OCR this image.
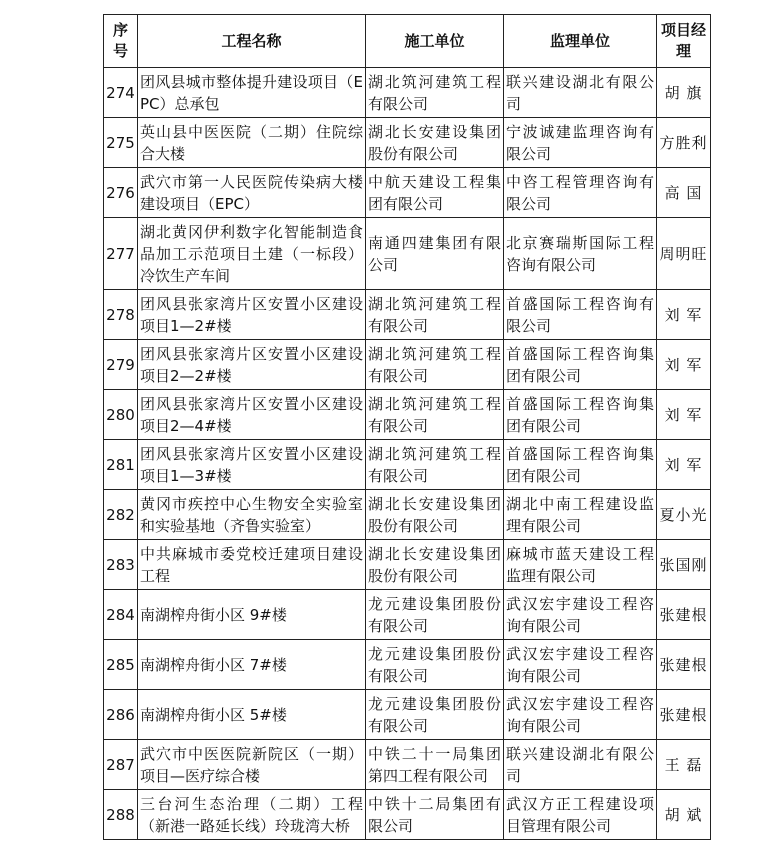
序号	工程名称	施工单位	监理单位	项目经理
274	团风县城市整体提升建设项目（EPC）总承包	湖北筑河建筑工程有限公司	联兴建设湖北有限公司	胡 旗
275	英山县中医医院（二期）住院综合大楼	湖北长安建设集团股份有限公司	宁波诚建监理咨询有限公司	方胜利
276	武穴市第一人民医院传染病大楼建设项目（EPC）	中航天建设工程集团有限公司	中咨工程管理咨询有限公司	高 国
277	湖北黄冈伊利数字化智能制造食品加工示范项目土建（一标段）冷饮生产车间	南通四建集团有限公司	北京赛瑞斯国际工程咨询有限公司	周明旺
278	团风县张家湾片区安置小区建设项目1—2#楼	湖北筑河建筑工程有限公司	首盛国际工程咨询有限公司	刘 军
279	团风县张家湾片区安置小区建设项目2—2#楼	湖北筑河建筑工程有限公司	首盛国际工程咨询集团有限公司	刘 军
280	团风县张家湾片区安置小区建设项目2—4#楼	湖北筑河建筑工程有限公司	首盛国际工程咨询集团有限公司	刘 军
281	团风县张家湾片区安置小区建设项目1—3#楼	湖北筑河建筑工程有限公司	首盛国际工程咨询集团有限公司	刘 军
282	黄冈市疾控中心生物安全实验室和实验基地（齐鲁实验室）	湖北长安建设集团股份有限公司	湖北中南工程建设监理有限公司	夏小光
283	中共麻城市委党校迁建项目建设工程	湖北长安建设集团股份有限公司	麻城市蓝天建设工程监理有限公司	张国刚
284	南湖榨舟街小区 9#楼	龙元建设集团股份有限公司	武汉宏宇建设工程咨询有限公司	张建根
285	南湖榨舟街小区 7#楼	龙元建设集团股份有限公司	武汉宏宇建设工程咨询有限公司	张建根
286	南湖榨舟街小区 5#楼	龙元建设集团股份有限公司	武汉宏宇建设工程咨询有限公司	张建根
287	武穴市中医医院新院区（一期）项目—医疗综合楼	中铁二十一局集团第四工程有限公司	联兴建设湖北有限公司	王 磊
288	三台河生态治理（二期）工程（新港一路延长线）玲珑湾大桥	中铁十二局集团有限公司	武汉方正工程建设项目管理有限公司	胡 斌
